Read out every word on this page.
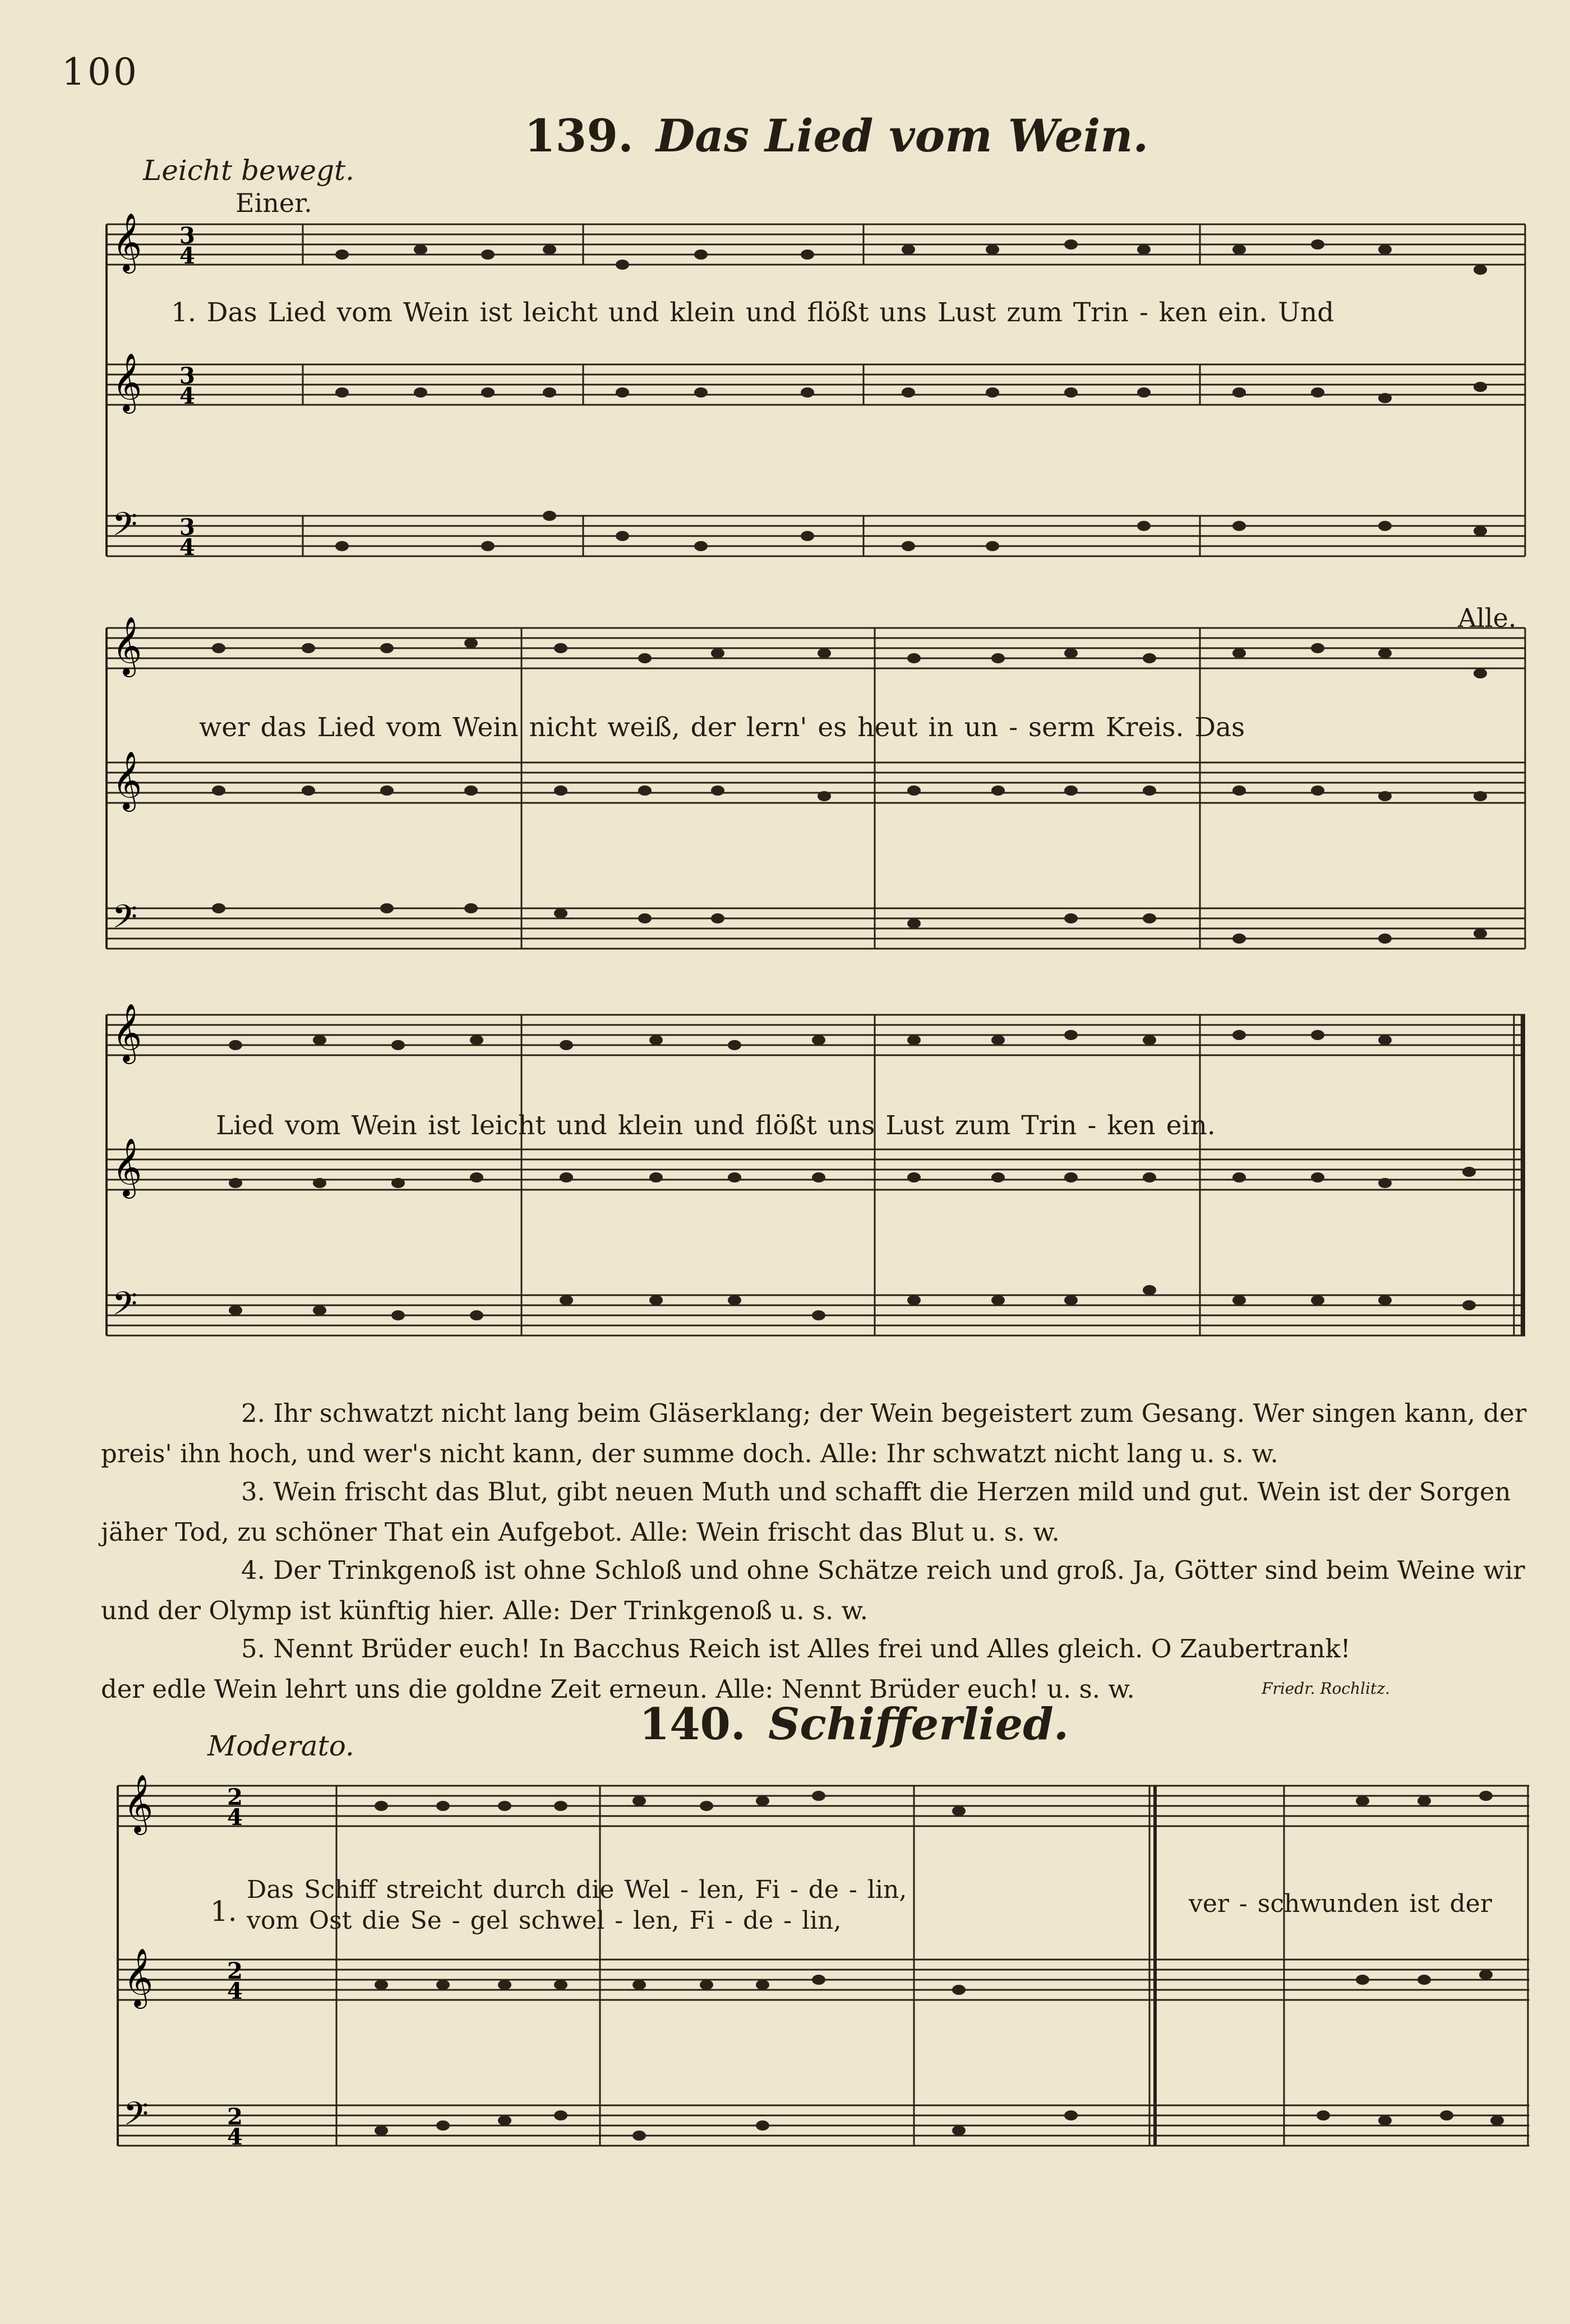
100
139. Das Lied vom Wein.
Leicht bewegt.
Einer.
𝄞
𝄞
𝄢
3
4
3
4
3
4
𝄞
𝄞
𝄢
𝄞
𝄞
𝄢
𝄞
𝄞
𝄢
2
4
2
4
2
4
1. Das Lied vom Wein ist leicht und klein und flößt uns Lust zum Trin - ken ein. Und
Alle.
wer das Lied vom Wein nicht weiß, der lern' es heut in un - serm Kreis. Das
Lied vom Wein ist leicht und klein und flößt uns Lust zum Trin - ken ein.
2. Ihr schwatzt nicht lang beim Gläserklang; der Wein begeistert zum Gesang. Wer singen kann, der preis' ihn hoch, und wer's nicht kann, der summe doch. Alle: Ihr schwatzt nicht lang u. s. w.
3. Wein frischt das Blut, gibt neuen Muth und schafft die Herzen mild und gut. Wein ist der Sorgen jäher Tod, zu schöner That ein Aufgebot. Alle: Wein frischt das Blut u. s. w.
4. Der Trinkgenoß ist ohne Schloß und ohne Schätze reich und groß. Ja, Götter sind beim Weine wir und der Olymp ist künftig hier. Alle: Der Trinkgenoß u. s. w.
5. Nennt Brüder euch! In Bacchus Reich ist Alles frei und Alles gleich. O Zaubertrank! der edle Wein lehrt uns die goldne Zeit erneun. Alle: Nennt Brüder euch! u. s. w.	Friedr. Rochlitz.
140. Schifferlied.
Moderato.
1.
Das Schiff streicht durch die Wel - len, Fi - de - lin,
vom Ost die Se - gel schwel - len, Fi - de - lin,
ver - schwunden ist der
